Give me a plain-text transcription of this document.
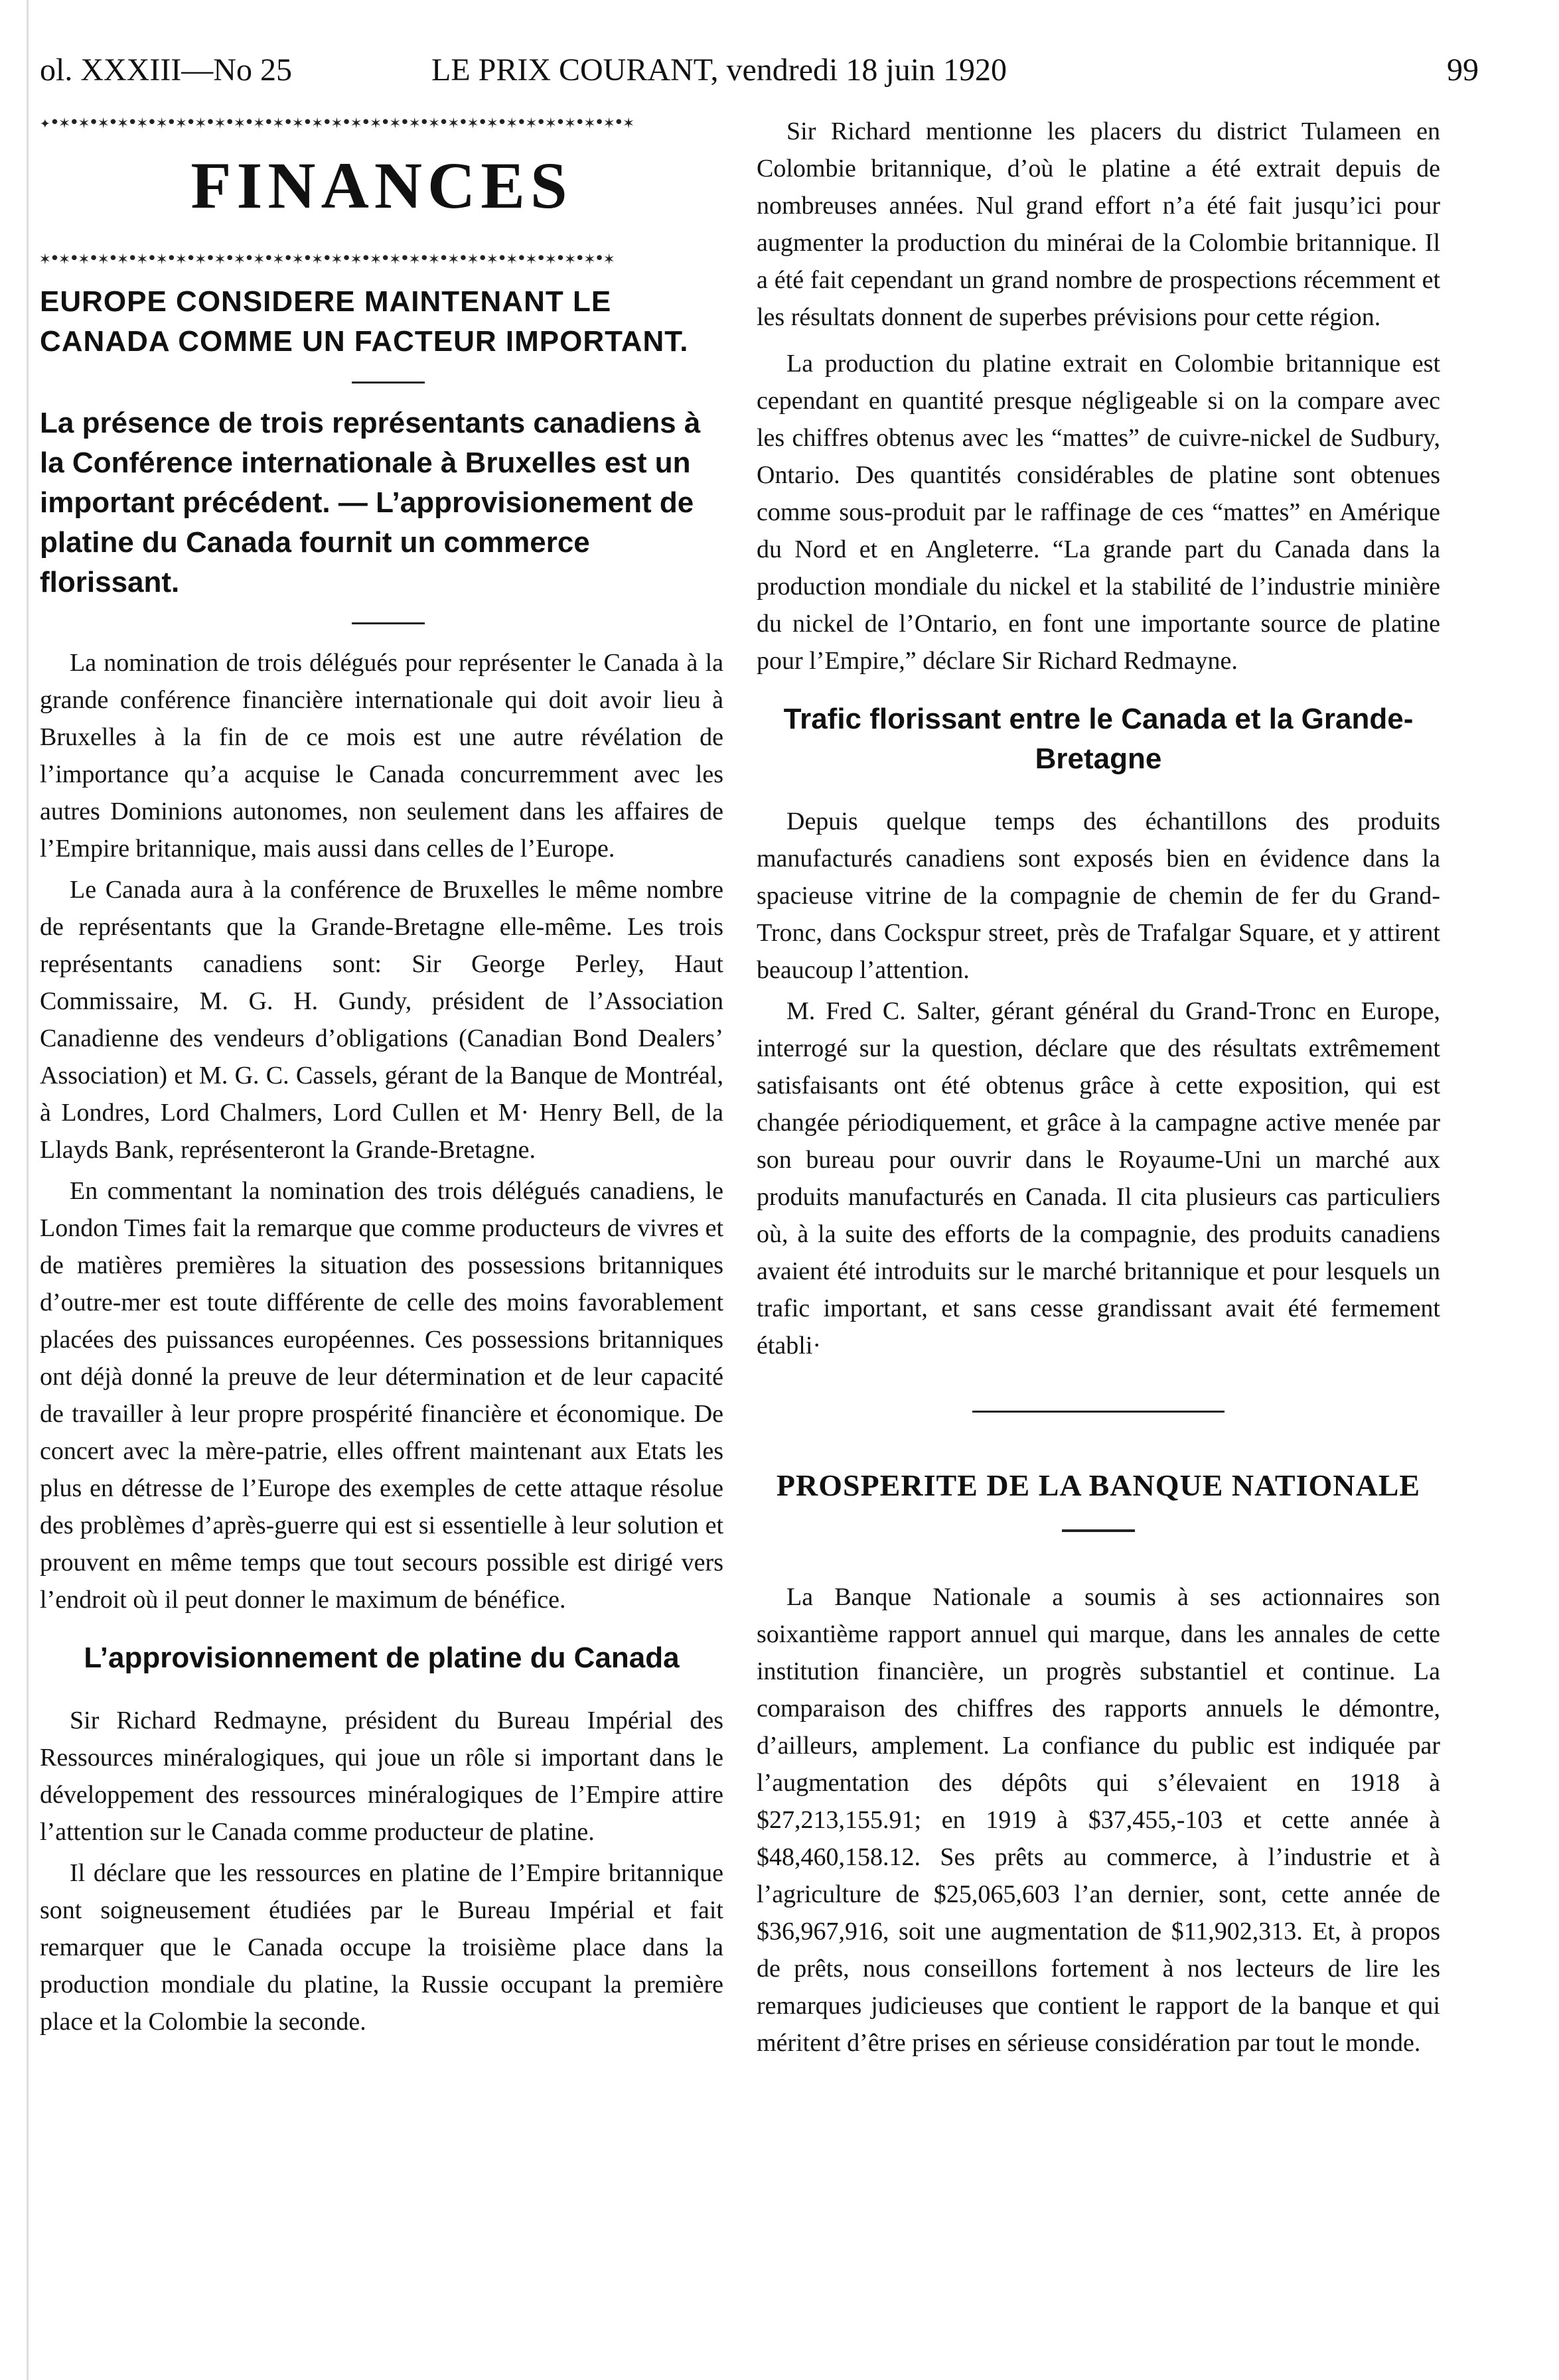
ol. XXXIII—No 25	LE PRIX COURANT, vendredi 18 juin 1920	99
✦•✶•✶•✶•✶•✶•✶•✶•✶•✶•✶•✶•✶•✶•✶•✶•✶•✶•✶•✶•✶•✶•✶•✶•✶•✶•✶•✶•✶•✶•✶
FINANCES
✶•✶•✶•✶•✶•✶•✶•✶•✶•✶•✶•✶•✶•✶•✶•✶•✶•✶•✶•✶•✶•✶•✶•✶•✶•✶•✶•✶•✶•✶
EUROPE CONSIDERE MAINTENANT LE CANADA COMME UN FACTEUR IMPORTANT.
La présence de trois représentants canadiens à la Conférence internationale à Bruxelles est un important précédent. — L’approvisionement de platine du Canada fournit un commerce florissant.

La nomination de trois délégués pour représenter le Canada à la grande conférence financière internationale qui doit avoir lieu à Bruxelles à la fin de ce mois est une autre révélation de l’importance qu’a acquise le Canada concurremment avec les autres Dominions autonomes, non seulement dans les affaires de l’Empire britannique, mais aussi dans celles de l’Europe.

Le Canada aura à la conférence de Bruxelles le même nombre de représentants que la Grande-Bretagne elle-même. Les trois représentants canadiens sont: Sir George Perley, Haut Commissaire, M. G. H. Gundy, président de l’Association Canadienne des vendeurs d’obligations (Canadian Bond Dealers’ Association) et M. G. C. Cassels, gérant de la Banque de Montréal, à Londres, Lord Chalmers, Lord Cullen et M· Henry Bell, de la Llayds Bank, représenteront la Grande-Bretagne.

En commentant la nomination des trois délégués canadiens, le London Times fait la remarque que comme producteurs de vivres et de matières premières la situation des possessions britanniques d’outre-mer est toute différente de celle des moins favorablement placées des puissances européennes. Ces possessions britanniques ont déjà donné la preuve de leur détermination et de leur capacité de travailler à leur propre prospérité financière et économique. De concert avec la mère-patrie, elles offrent maintenant aux Etats les plus en détresse de l’Europe des exemples de cette attaque résolue des problèmes d’après-guerre qui est si essentielle à leur solution et prouvent en même temps que tout secours possible est dirigé vers l’endroit où il peut donner le maximum de bénéfice.

L’approvisionnement de platine du Canada

Sir Richard Redmayne, président du Bureau Impérial des Ressources minéralogiques, qui joue un rôle si important dans le développement des ressources minéralogiques de l’Empire attire l’attention sur le Canada comme producteur de platine.

Il déclare que les ressources en platine de l’Empire britannique sont soigneusement étudiées par le Bureau Impérial et fait remarquer que le Canada occupe la troisième place dans la production mondiale du platine, la Russie occupant la première place et la Colombie la seconde.

Sir Richard mentionne les placers du district Tulameen en Colombie britannique, d’où le platine a été extrait depuis de nombreuses années. Nul grand effort n’a été fait jusqu’ici pour augmenter la production du minérai de la Colombie britannique. Il a été fait cependant un grand nombre de prospections récemment et les résultats donnent de superbes prévisions pour cette région.

La production du platine extrait en Colombie britannique est cependant en quantité presque négligeable si on la compare avec les chiffres obtenus avec les “mattes” de cuivre-nickel de Sudbury, Ontario. Des quantités considérables de platine sont obtenues comme sous-produit par le raffinage de ces “mattes” en Amérique du Nord et en Angleterre. “La grande part du Canada dans la production mondiale du nickel et la stabilité de l’industrie minière du nickel de l’Ontario, en font une importante source de platine pour l’Empire,” déclare Sir Richard Redmayne.

Trafic florissant entre le Canada et la Grande-Bretagne

Depuis quelque temps des échantillons des produits manufacturés canadiens sont exposés bien en évidence dans la spacieuse vitrine de la compagnie de chemin de fer du Grand-Tronc, dans Cockspur street, près de Trafalgar Square, et y attirent beaucoup l’attention.

M. Fred C. Salter, gérant général du Grand-Tronc en Europe, interrogé sur la question, déclare que des résultats extrêmement satisfaisants ont été obtenus grâce à cette exposition, qui est changée périodiquement, et grâce à la campagne active menée par son bureau pour ouvrir dans le Royaume-Uni un marché aux produits manufacturés en Canada. Il cita plusieurs cas particuliers où, à la suite des efforts de la compagnie, des produits canadiens avaient été introduits sur le marché britannique et pour lesquels un trafic important, et sans cesse grandissant avait été fermement établi·

PROSPERITE DE LA BANQUE NATIONALE

La Banque Nationale a soumis à ses actionnaires son soixantième rapport annuel qui marque, dans les annales de cette institution financière, un progrès substantiel et continue. La comparaison des chiffres des rapports annuels le démontre, d’ailleurs, amplement. La confiance du public est indiquée par l’augmentation des dépôts qui s’élevaient en 1918 à $27,213,155.91; en 1919 à $37,455,-103 et cette année à $48,460,158.12. Ses prêts au commerce, à l’industrie et à l’agriculture de $25,065,603 l’an dernier, sont, cette année de $36,967,916, soit une augmentation de $11,902,313. Et, à propos de prêts, nous conseillons fortement à nos lecteurs de lire les remarques judicieuses que contient le rapport de la banque et qui méritent d’être prises en sérieuse considération par tout le monde.
